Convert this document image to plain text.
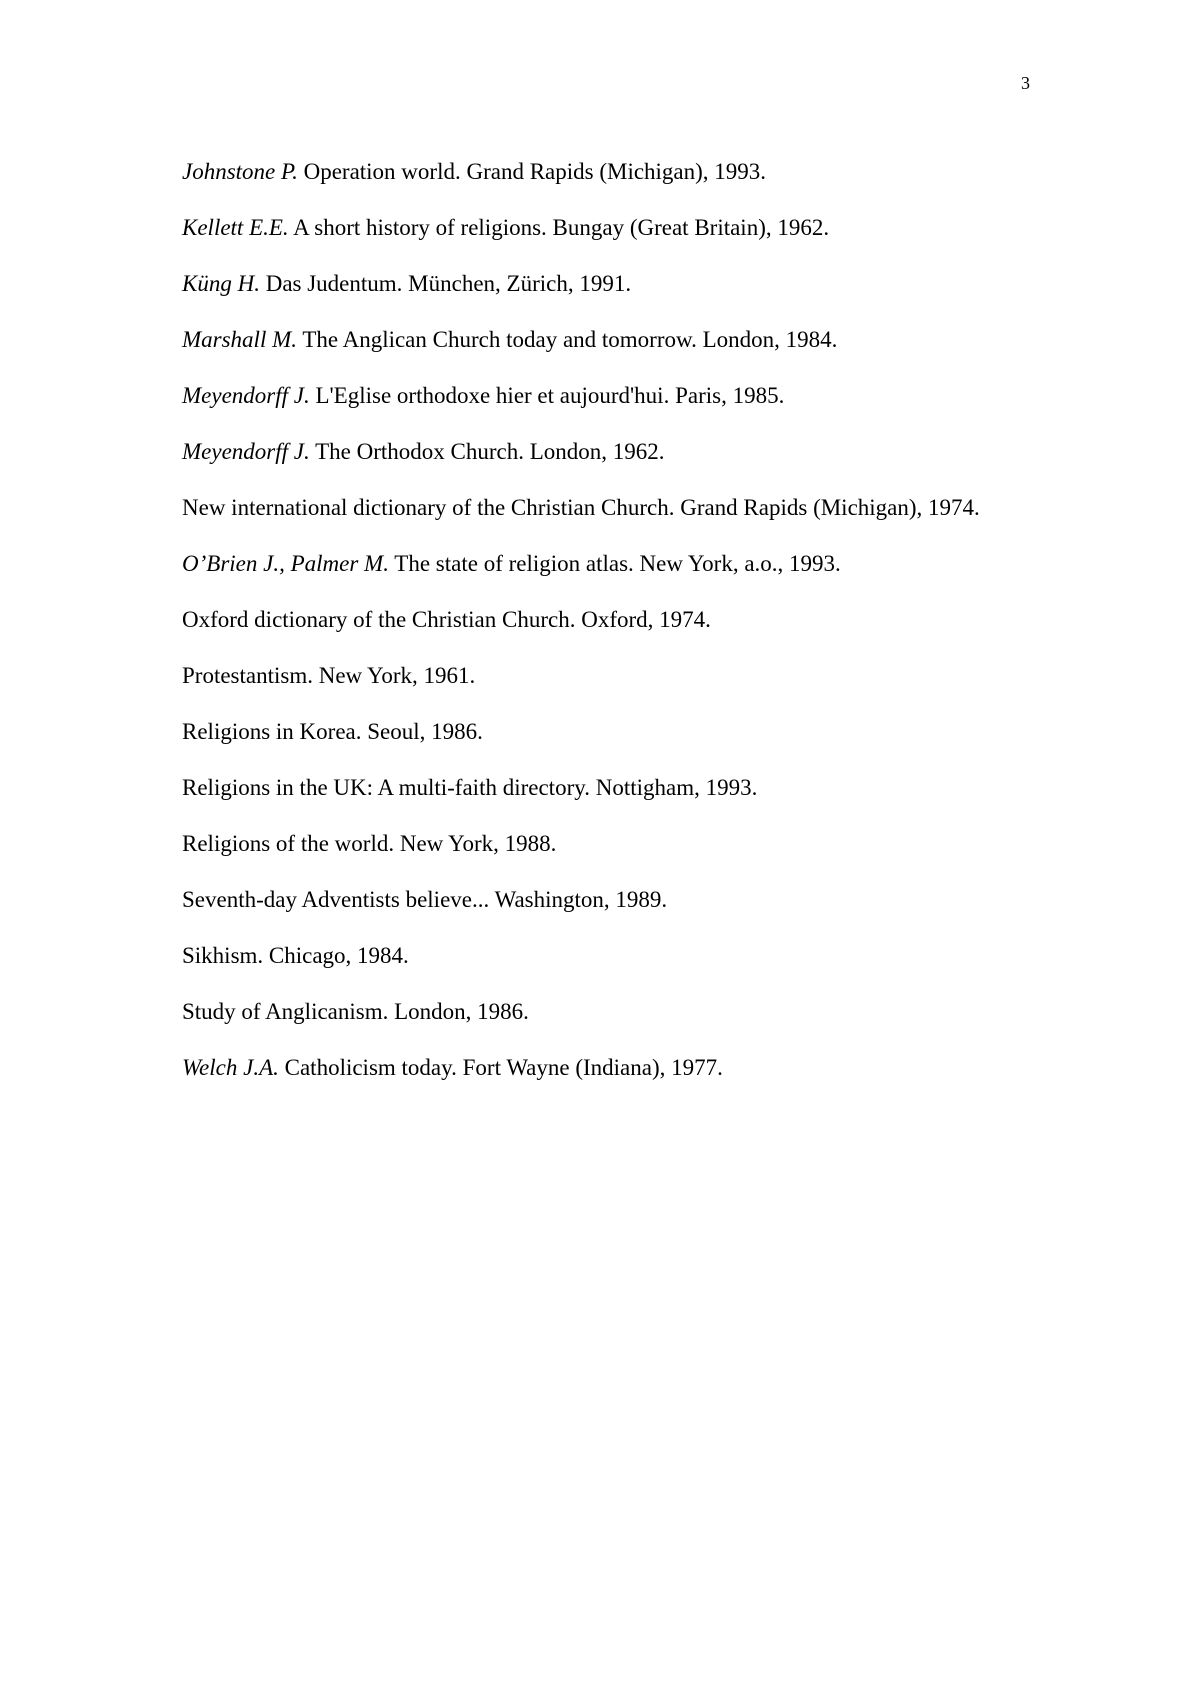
3
Johnstone P. Operation world. Grand Rapids (Michigan), 1993.
Kellett E.E. A short history of religions. Bungay (Great Britain), 1962.
Küng H. Das Judentum. München, Zürich, 1991.
Marshall M. The Anglican Church today and tomorrow. London, 1984.
Meyendorff J. L'Eglise orthodoxe hier et aujourd'hui. Paris, 1985.
Meyendorff J. The Orthodox Church. London, 1962.
New international dictionary of the Christian Church. Grand Rapids (Michigan), 1974.
O’Brien J., Palmer M. The state of religion atlas. New York, a.o., 1993.
Oxford dictionary of the Christian Church. Oxford, 1974.
Protestantism. New York, 1961.
Religions in Korea. Seoul, 1986.
Religions in the UK: A multi-faith directory. Nottigham, 1993.
Religions of the world. New York, 1988.
Seventh-day Adventists believe... Washington, 1989.
Sikhism. Chicago, 1984.
Study of Anglicanism. London, 1986.
Welch J.A. Catholicism today. Fort Wayne (Indiana), 1977.
